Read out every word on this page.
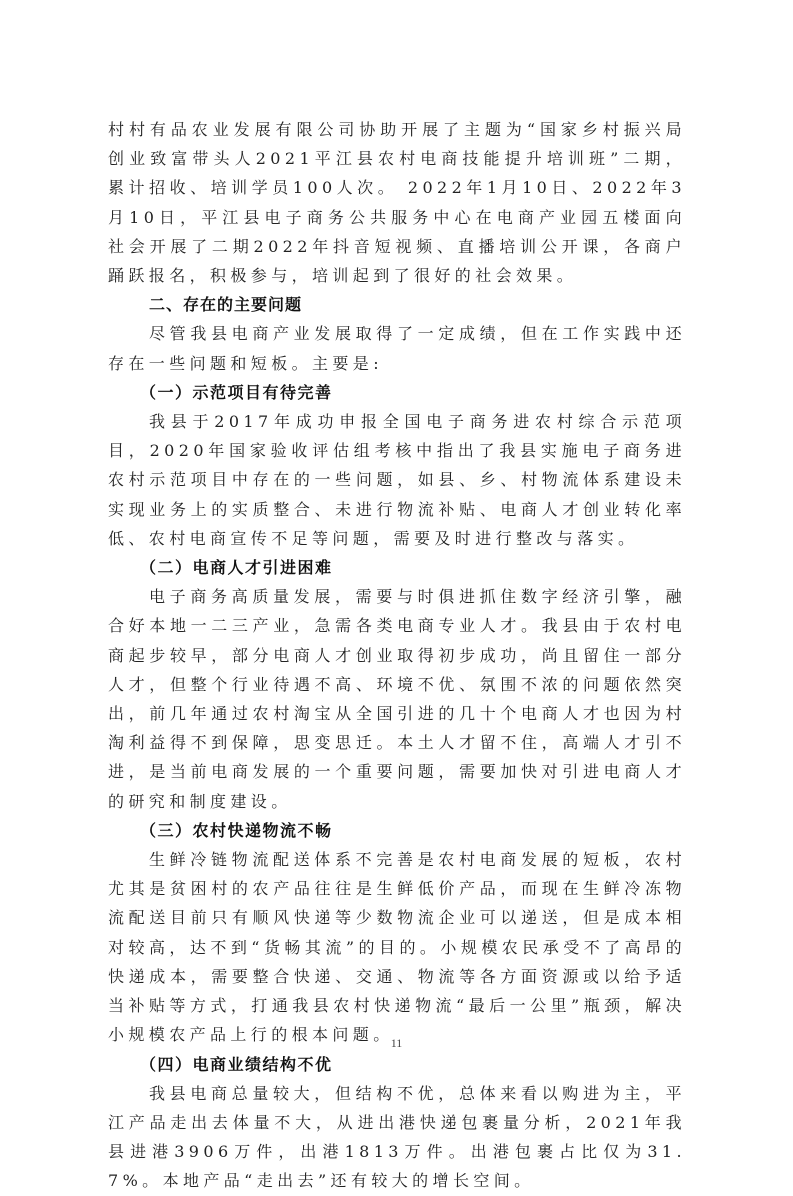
村村有品农业发展有限公司协助开展了主题为“国家乡村振兴局创业致富带头人2021平江县农村电商技能提升培训班”二期，累计招收、培训学员100人次。 2022年1月10日、2022年3月10日，平江县电子商务公共服务中心在电商产业园五楼面向社会开展了二期2022年抖音短视频、直播培训公开课，各商户踊跃报名，积极参与，培训起到了很好的社会效果。

二、存在的主要问题

尽管我县电商产业发展取得了一定成绩，但在工作实践中还存在一些问题和短板。主要是:

（一）示范项目有待完善

我县于2017年成功申报全国电子商务进农村综合示范项目，2020年国家验收评估组考核中指出了我县实施电子商务进农村示范项目中存在的一些问题，如县、乡、村物流体系建设未实现业务上的实质整合、未进行物流补贴、电商人才创业转化率低、农村电商宣传不足等问题，需要及时进行整改与落实。

（二）电商人才引进困难

电子商务高质量发展，需要与时俱进抓住数字经济引擎，融合好本地一二三产业，急需各类电商专业人才。我县由于农村电商起步较早，部分电商人才创业取得初步成功，尚且留住一部分人才，但整个行业待遇不高、环境不优、氛围不浓的问题依然突出，前几年通过农村淘宝从全国引进的几十个电商人才也因为村淘利益得不到保障，思变思迁。本土人才留不住，高端人才引不进，是当前电商发展的一个重要问题，需要加快对引进电商人才的研究和制度建设。

（三）农村快递物流不畅

生鲜冷链物流配送体系不完善是农村电商发展的短板，农村尤其是贫困村的农产品往往是生鲜低价产品，而现在生鲜冷冻物流配送目前只有顺风快递等少数物流企业可以递送，但是成本相对较高，达不到“货畅其流”的目的。小规模农民承受不了高昂的快递成本，需要整合快递、交通、物流等各方面资源或以给予适当补贴等方式，打通我县农村快递物流“最后一公里”瓶颈，解决小规模农产品上行的根本问题。

（四）电商业绩结构不优

我县电商总量较大，但结构不优，总体来看以购进为主，平江产品走出去体量不大，从进出港快递包裹量分析，2021年我县进港3906万件，出港1813万件。出港包裹占比仅为31.7%。本地产品“走出去”还有较大的增长空间。

11
